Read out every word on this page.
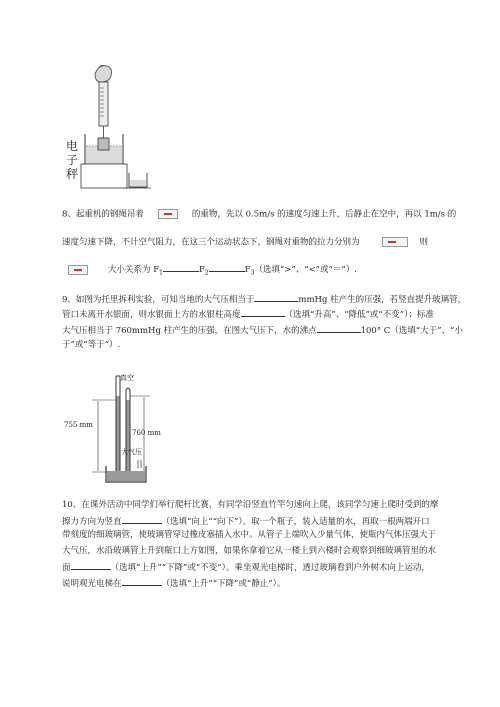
电子秤
8、起重机的钢绳吊着	的重物，先以 0.5m/s 的速度匀速上升，后静止在空中，再以 1m/s 的
速度匀速下降，不计空气阻力，在这三个运动状态下，钢绳对重物的拉力分别为	则
大小关系为 $F_1$	$F_2$	$F_3$（选填“>”、“<”或“＝”）.
9、如图为托里拆利实验，可知当地的大气压相当于	mmHg 柱产生的压强，若竖直提升玻璃管，
管口未离开水银面，则水银面上方的水银柱高度	（选填“升高”、“降低”或“不变”）；标准
大气压相当于 760mmHg 柱产生的压强，在图大气压下，水的沸点	100° C（选填“大于”、“小
于”或“等于”）.
真空
755 mm
760 mm
大气压
10、在课外活动中同学们举行爬杆比赛，有同学沿竖直竹竿匀速向上爬，该同学匀速上爬时受到的摩
擦力方向为竖直	（选填“向上”“向下”）。取一个瓶子，装入适量的水，再取一根两端开口
带刻度的细玻璃管，使玻璃管穿过橡皮塞插入水中。从管子上端吹入少量气体，使瓶内气体压强大于
大气压，水沿玻璃管上升到瓶口上方如图，如果你拿着它从一楼上到六楼时会观察到细玻璃管里的水
面	（选填“上升”“下降”或“不变”）。乘坐观光电梯时，透过玻璃看到户外树木向上运动，
说明观光电梯在	（选填“上升”“下降”或“静止”）。
